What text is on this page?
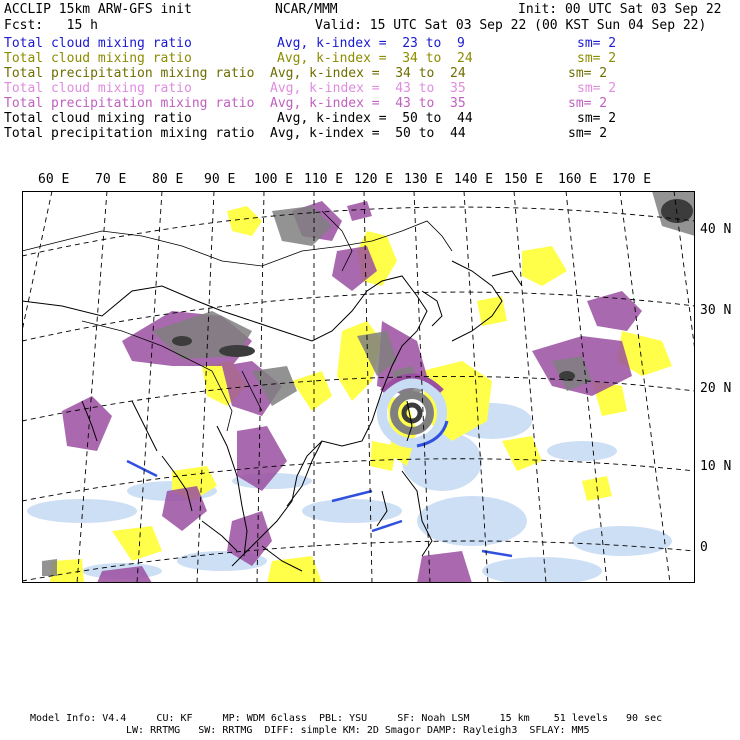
ACCLIP 15km ARW-GFS init	NCAR/MMM	Init: 00 UTC Sat 03 Sep 22
Fcst:   15 h	Valid: 15 UTC Sat 03 Sep 22 (00 KST Sun 04 Sep 22)
Total cloud mixing ratio	Avg, k-index =  23 to  9	sm= 2
Total cloud mixing ratio	Avg, k-index =  34 to  24	sm= 2
Total precipitation mixing ratio Avg, k-index =  34 to  24	sm= 2
Total cloud mixing ratio	Avg, k-index =  43 to  35	sm= 2
Total precipitation mixing ratio Avg, k-index =  43 to  35	sm= 2
Total cloud mixing ratio	Avg, k-index =  50 to  44	sm= 2
Total precipitation mixing ratio Avg, k-index =  50 to  44	sm= 2
60 E 70 E 80 E 90 E 100 E 110 E 120 E 130 E 140 E 150 E 160 E 170 E
40 N
30 N
20 N
10 N
0
Model Info: V4.4     CU: KF     MP: WDM 6class  PBL: YSU     SF: Noah LSM     15 km    51 levels   90 sec
LW: RRTMG   SW: RRTMG  DIFF: simple KM: 2D Smagor DAMP: Rayleigh3  SFLAY: MM5
